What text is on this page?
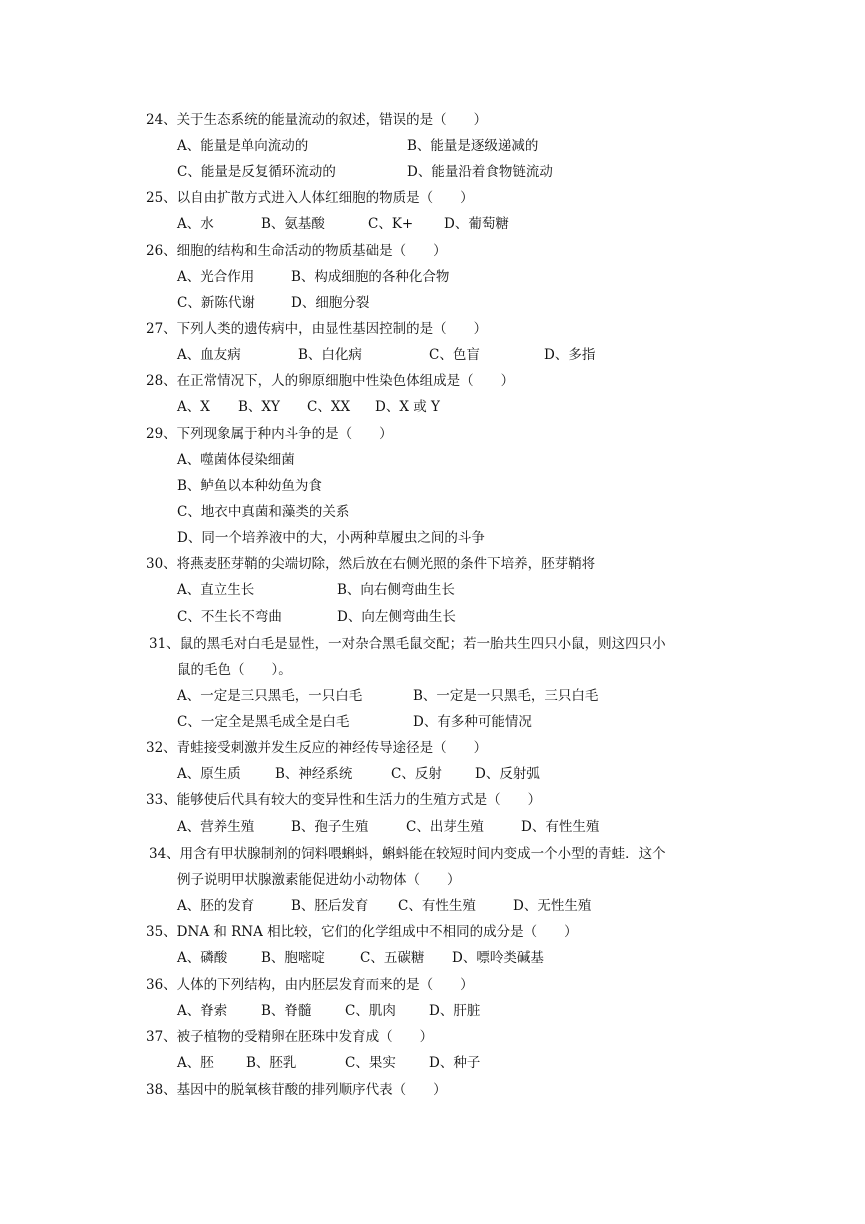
24、关于生态系统的能量流动的叙述，错误的是（　　）
A、能量是单向流动的	B、能量是逐级递减的
C、能量是反复循环流动的	D、能量沿着食物链流动
25、以自由扩散方式进入人体红细胞的物质是（　　）
A、水	B、氨基酸	C、K+ D、葡萄糖
26、细胞的结构和生命活动的物质基础是（　　）
A、光合作用	B、构成细胞的各种化合物
C、新陈代谢	D、细胞分裂
27、下列人类的遗传病中，由显性基因控制的是（　　）
A、血友病	B、白化病	C、色盲	D、多指
28、在正常情况下，人的卵原细胞中性染色体组成是（　　）
A、X B、XY C、XX D、X 或 Y
29、下列现象属于种内斗争的是（　　）
A、噬菌体侵染细菌
B、鲈鱼以本种幼鱼为食
C、地衣中真菌和藻类的关系
D、同一个培养液中的大，小两种草履虫之间的斗争
30、将燕麦胚芽鞘的尖端切除，然后放在右侧光照的条件下培养，胚芽鞘将
A、直立生长	B、向右侧弯曲生长
C、不生长不弯曲	D、向左侧弯曲生长
31、鼠的黑毛对白毛是显性，一对杂合黑毛鼠交配；若一胎共生四只小鼠，则这四只小
鼠的毛色（　　）。
A、一定是三只黑毛，一只白毛	B、一定是一只黑毛，三只白毛
C、一定全是黑毛成全是白毛	D、有多种可能情况
32、青蛙接受刺激并发生反应的神经传导途径是（　　）
A、原生质	B、神经系统	C、反射 D、反射弧
33、能够使后代具有较大的变异性和生活力的生殖方式是（　　）
A、营养生殖	B、孢子生殖	C、出芽生殖	D、有性生殖
34、用含有甲状腺制剂的饲料喂蝌蚪，蝌蚪能在较短时间内变成一个小型的青蛙．这个
例子说明甲状腺激素能促进幼小动物体（　　）
A、胚的发育	B、胚后发育 C、有性生殖	D、无性生殖
35、DNA 和 RNA 相比较，它们的化学组成中不相同的成分是（　　）
A、磷酸	B、胞嘧啶	C、五碳糖 D、嘌呤类碱基
36、人体的下列结构，由内胚层发育而来的是（　　）
A、脊索	B、脊髓 C、肌肉 D、肝脏
37、被子植物的受精卵在胚珠中发育成（　　）
A、胚 B、胚乳	C、果实 D、种子
38、基因中的脱氧核苷酸的排列顺序代表（　　）
